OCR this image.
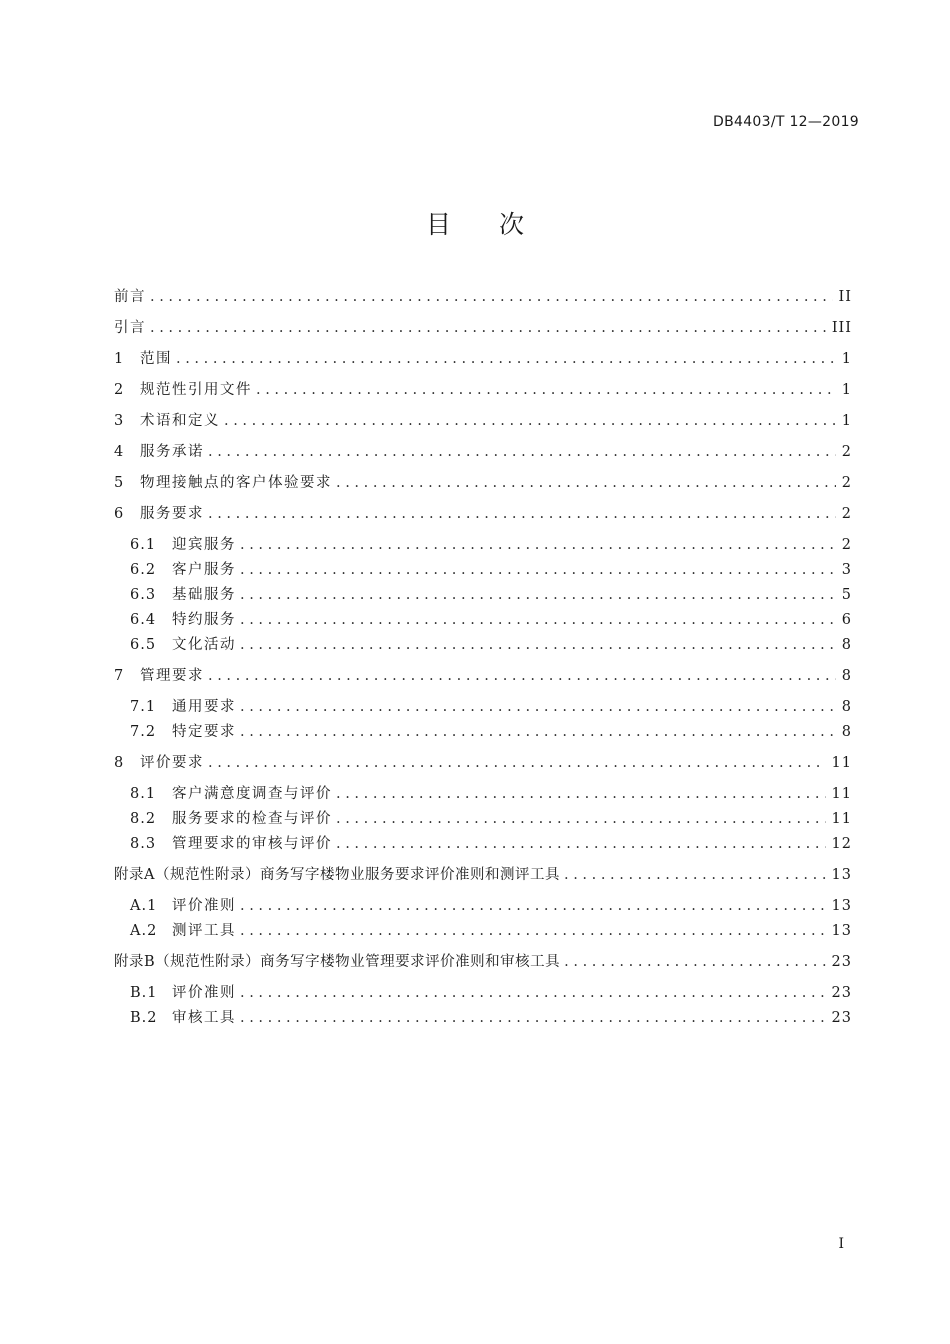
DB4403/T 12—2019
目 次
前言 .....	II
引言 .....	III
1	范围 .....	1
2	规范性引用文件 .....	1
3	术语和定义 .....	1
4	服务承诺 .....	2
5	物理接触点的客户体验要求 .....	2
6	服务要求 .....	2
6.1	迎宾服务 .....	2
6.2	客户服务 .....	3
6.3	基础服务 .....	5
6.4	特约服务 .....	6
6.5	文化活动 .....	8
7	管理要求 .....	8
7.1	通用要求 .....	8
7.2	特定要求 .....	8
8	评价要求 .....	11
8.1	客户满意度调查与评价 .....	11
8.2	服务要求的检查与评价 .....	11
8.3	管理要求的审核与评价 .....	12
附录A（规范性附录）商务写字楼物业服务要求评价准则和测评工具 .....	13
A.1	评价准则 .....	13
A.2	测评工具 .....	13
附录B（规范性附录）商务写字楼物业管理要求评价准则和审核工具 .....	23
B.1	评价准则 .....	23
B.2	审核工具 .....	23
I
